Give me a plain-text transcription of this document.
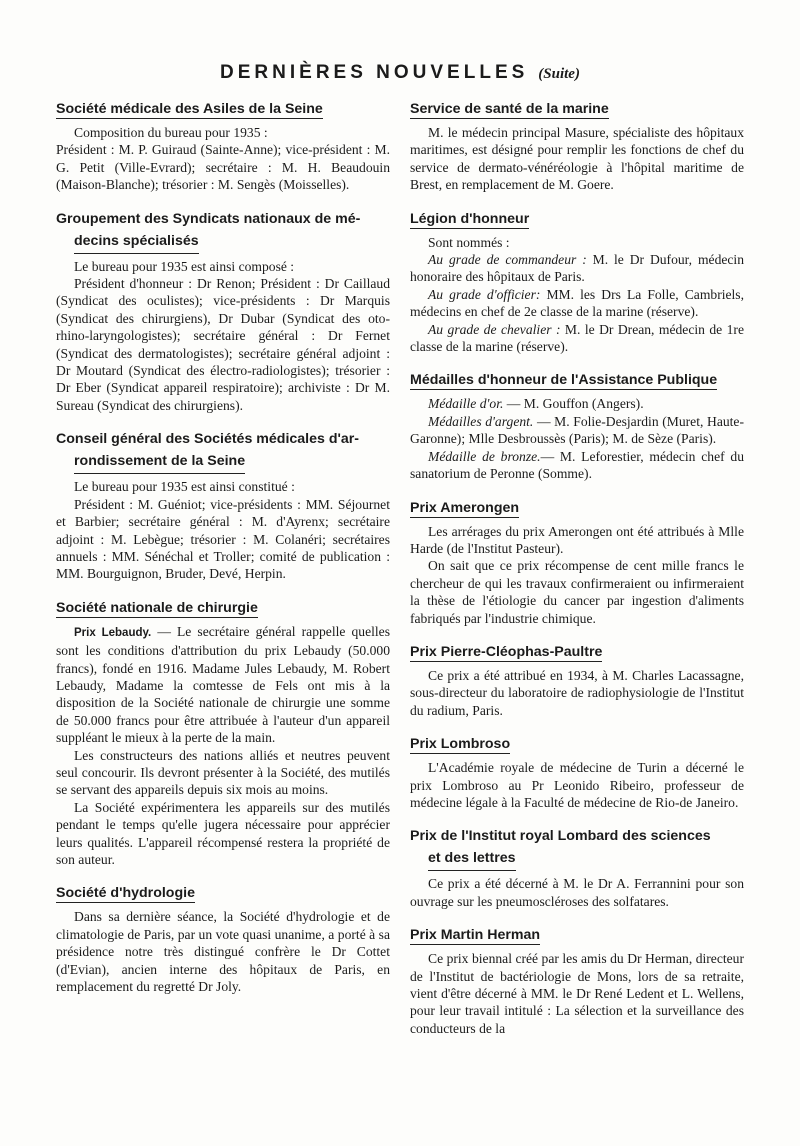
DERNIÈRES NOUVELLES (Suite)
Société médicale des Asiles de la Seine

Composition du bureau pour 1935 :

Président : M. P. Guiraud (Sainte-Anne); vice-président : M. G. Petit (Ville-Evrard); secrétaire : M. H. Beaudouin (Maison-Blanche); trésorier : M. Sengès (Moisselles).

Groupement des Syndicats nationaux de mé-
decins spécialisés

Le bureau pour 1935 est ainsi composé :

Président d'honneur : Dr Renon; Président : Dr Caillaud (Syndicat des oculistes); vice-présidents : Dr Marquis (Syndicat des chirurgiens), Dr Dubar (Syndicat des oto-rhino-laryngologistes); secrétaire général : Dr Fernet (Syndicat des dermatologistes); secrétaire général adjoint : Dr Moutard (Syndicat des électro-radiologistes); trésorier : Dr Eber (Syndicat appareil respiratoire); archiviste : Dr M. Sureau (Syndicat des chirurgiens).

Conseil général des Sociétés médicales d'ar-
rondissement de la Seine

Le bureau pour 1935 est ainsi constitué :

Président : M. Guéniot; vice-présidents : MM. Séjournet et Barbier; secrétaire général : M. d'Ayrenx; secrétaire adjoint : M. Lebègue; trésorier : M. Colanéri; secrétaires annuels : MM. Sénéchal et Troller; comité de publication : MM. Bourguignon, Bruder, Devé, Herpin.

Société nationale de chirurgie

Prix Lebaudy. — Le secrétaire général rappelle quelles sont les conditions d'attribution du prix Lebaudy (50.000 francs), fondé en 1916. Madame Jules Lebaudy, M. Robert Lebaudy, Madame la comtesse de Fels ont mis à la disposition de la Société nationale de chirurgie une somme de 50.000 francs pour être attribuée à l'auteur d'un appareil suppléant le mieux à la perte de la main.

Les constructeurs des nations alliés et neutres peuvent seul concourir. Ils devront présenter à la Société, des mutilés se servant des appareils depuis six mois au moins.

La Société expérimentera les appareils sur des mutilés pendant le temps qu'elle jugera nécessaire pour apprécier leurs qualités. L'appareil récompensé restera la propriété de son auteur.

Société d'hydrologie

Dans sa dernière séance, la Société d'hydrologie et de climatologie de Paris, par un vote quasi unanime, a porté à sa présidence notre très distingué confrère le Dr Cottet (d'Evian), ancien interne des hôpitaux de Paris, en remplacement du regretté Dr Joly.

Service de santé de la marine

M. le médecin principal Masure, spécialiste des hôpitaux maritimes, est désigné pour remplir les fonctions de chef du service de dermato-vénéréologie à l'hôpital maritime de Brest, en remplacement de M. Goere.

Légion d'honneur

Sont nommés :

Au grade de commandeur : M. le Dr Dufour, médecin honoraire des hôpitaux de Paris.

Au grade d'officier: MM. les Drs La Folle, Cambriels, médecins en chef de 2e classe de la marine (réserve).

Au grade de chevalier : M. le Dr Drean, médecin de 1re classe de la marine (réserve).

Médailles d'honneur de l'Assistance Publique

Médaille d'or. — M. Gouffon (Angers).

Médailles d'argent. — M. Folie-Desjardin (Muret, Haute-Garonne); Mlle Desbroussès (Paris); M. de Sèze (Paris).

Médaille de bronze.— M. Leforestier, médecin chef du sanatorium de Peronne (Somme).

Prix Amerongen

Les arrérages du prix Amerongen ont été attribués à Mlle Harde (de l'Institut Pasteur).

On sait que ce prix récompense de cent mille francs le chercheur de qui les travaux confirmeraient ou infirmeraient la thèse de l'étiologie du cancer par ingestion d'aliments fabriqués par l'industrie chimique.

Prix Pierre-Cléophas-Paultre

Ce prix a été attribué en 1934, à M. Charles Lacassagne, sous-directeur du laboratoire de radiophysiologie de l'Institut du radium, Paris.

Prix Lombroso

L'Académie royale de médecine de Turin a décerné le prix Lombroso au Pr Leonido Ribeiro, professeur de médecine légale à la Faculté de médecine de Rio-de Janeiro.

Prix de l'Institut royal Lombard des sciences
et des lettres

Ce prix a été décerné à M. le Dr A. Ferrannini pour son ouvrage sur les pneumoscléroses des solfatares.

Prix Martin Herman

Ce prix biennal créé par les amis du Dr Herman, directeur de l'Institut de bactériologie de Mons, lors de sa retraite, vient d'être décerné à MM. le Dr René Ledent et L. Wellens, pour leur travail intitulé : La sélection et la surveillance des conducteurs de la
